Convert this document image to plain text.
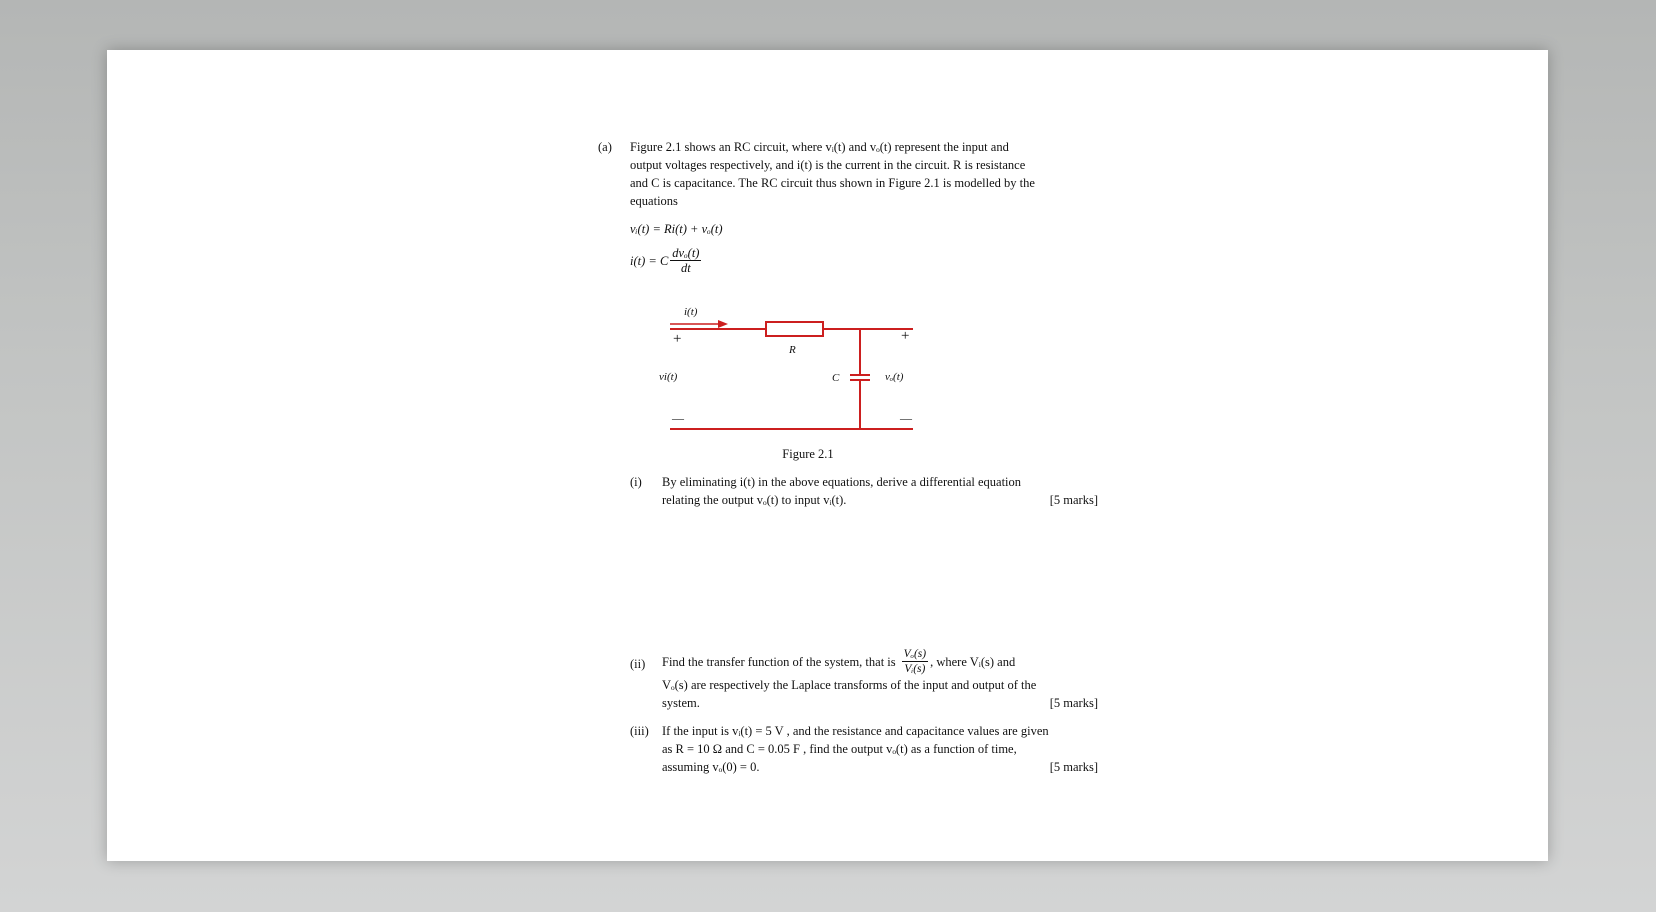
(a) Figure 2.1 shows an RC circuit, where vᵢ(t) and vₒ(t) represent the input and
output voltages respectively, and i(t) is the current in the circuit. R is resistance
and C is capacitance. The RC circuit thus shown in Figure 2.1 is modelled by the
equations
vᵢ(t) = Ri(t) + vₒ(t)
i(t) = C $\frac{\text{dvₒ(t)}}{dt}$
i(t)
R
C
vi(t)	vₒ(t)
+	+
—	—
Figure 2.1
(i) By eliminating i(t) in the above equations, derive a differential equation
relating the output vₒ(t) to input vᵢ(t).	[5 marks]
(ii) Find the transfer function of the system, that is $\frac{\text{Vₒ(s)}}{\text{Vᵢ(s)}}$ , where Vᵢ(s) and
Vₒ(s) are respectively the Laplace transforms of the input and output of the
system.	[5 marks]
(iii) If the input is vᵢ(t) = 5 V , and the resistance and capacitance values are given
as R = 10 Ω and C = 0.05 F , find the output vₒ(t) as a function of time,
assuming vₒ(0) = 0.	[5 marks]
